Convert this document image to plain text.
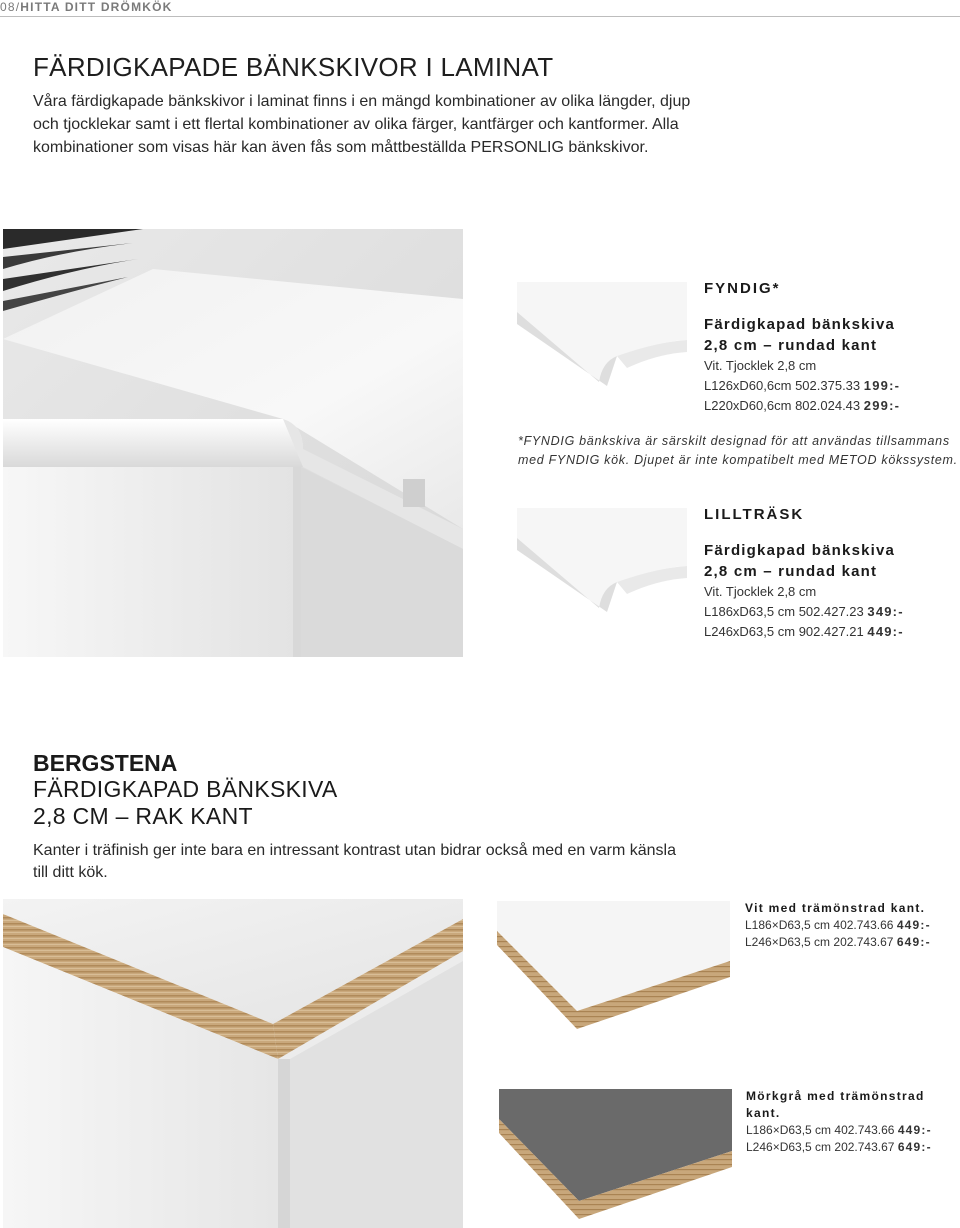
08/HITTA DITT DRÖMKÖK
FÄRDIGKAPADE BÄNKSKIVOR I LAMINAT

Våra färdigkapade bänkskivor i laminat finns i en mängd kombinationer av olika längder, djup och tjocklekar samt i ett flertal kombinationer av olika färger, kantfärger och kantformer. Alla kombinationer som visas här kan även fås som måttbeställda PERSONLIG bänkskivor.

FYNDIG*

Färdigkapad bänkskiva

2,8 cm – rundad kant

Vit. Tjocklek 2,8 cm

L126xD60,6cm 502.375.33 199:-

L220xD60,6cm 802.024.43 299:-

*FYNDIG bänkskiva är särskilt designad för att användas tillsammans med FYNDIG kök. Djupet är inte kompatibelt med METOD kökssystem.

LILLTRÄSK

Färdigkapad bänkskiva

2,8 cm – rundad kant

Vit. Tjocklek 2,8 cm

L186xD63,5 cm 502.427.23 349:-

L246xD63,5 cm 902.427.21 449:-

BERGSTENA

FÄRDIGKAPAD BÄNKSKIVA

2,8 CM – RAK KANT

Kanter i träfinish ger inte bara en intressant kontrast utan bidrar också med en varm känsla till ditt kök.

Vit med trämönstrad kant.

L186×D63,5 cm 402.743.66 449:-

L246×D63,5 cm 202.743.67 649:-

Mörkgrå med trämönstrad kant.

L186×D63,5 cm 402.743.66 449:-

L246×D63,5 cm 202.743.67 649:-
